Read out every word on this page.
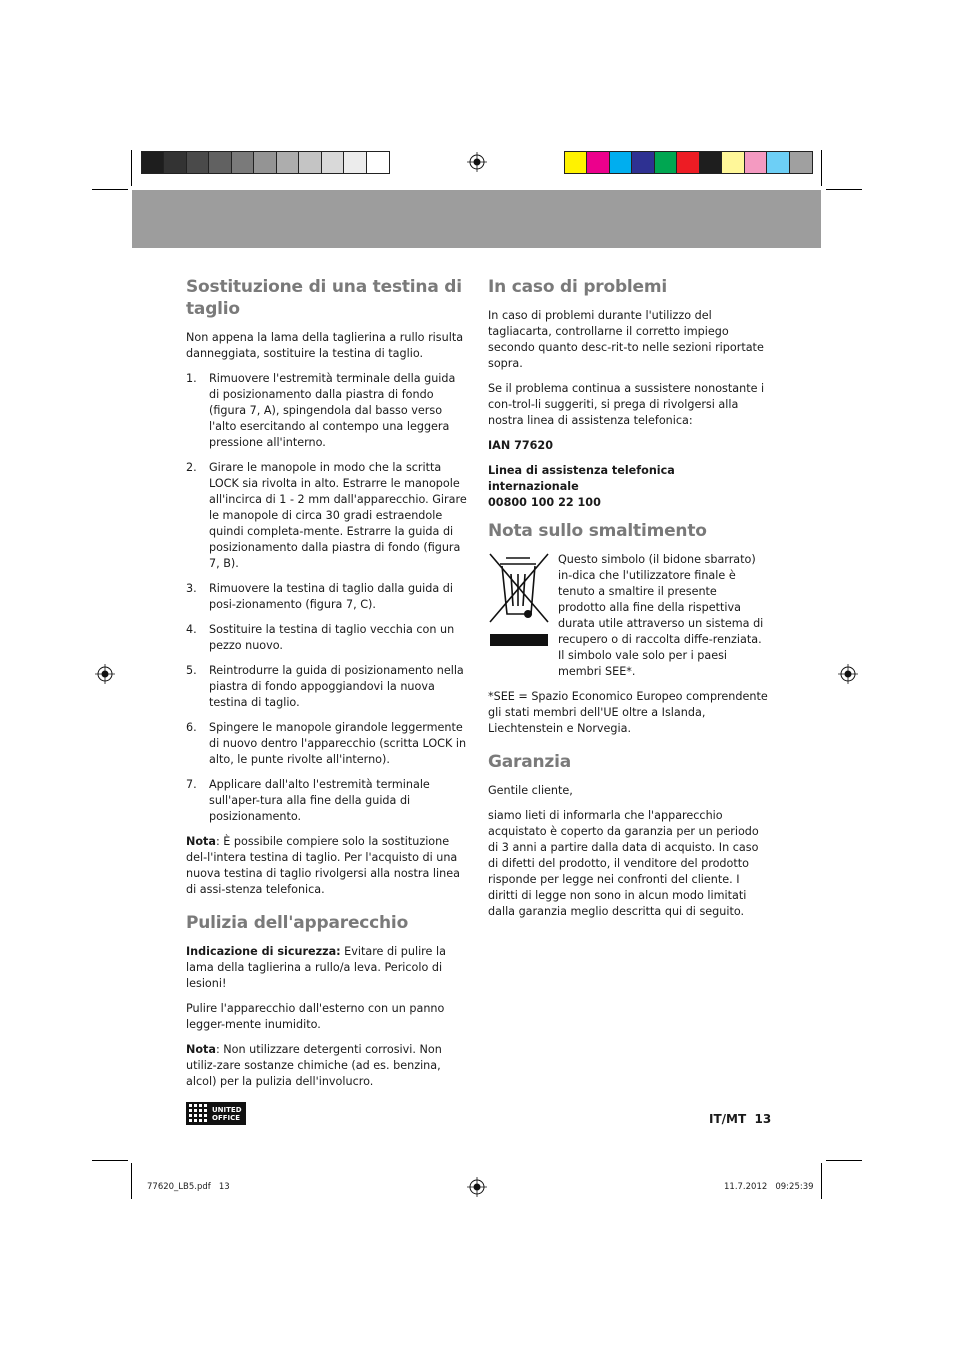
Sostituzione di una testina di taglio

Non appena la lama della taglierina a rullo risulta danneggiata, sostituire la testina di taglio.

1. Rimuovere l'estremità terminale della guida di posizionamento dalla piastra di fondo (figura 7, A), spingendola dal basso verso l'alto esercitando al contempo una leggera pressione all'interno.
2. Girare le manopole in modo che la scritta LOCK sia rivolta in alto. Estrarre le manopole all'incirca di 1 - 2 mm dall'apparecchio. Girare le manopole di circa 30 gradi estraendole quindi completa-mente. Estrarre la guida di posizionamento dalla piastra di fondo (figura 7, B).
3. Rimuovere la testina di taglio dalla guida di posi-zionamento (figura 7, C).
4. Sostituire la testina di taglio vecchia con un pezzo nuovo.
5. Reintrodurre la guida di posizionamento nella piastra di fondo appoggiandovi la nuova testina di taglio.
6. Spingere le manopole girandole leggermente di nuovo dentro l'apparecchio (scritta LOCK in alto, le punte rivolte all'interno).
7. Applicare dall'alto l'estremità terminale sull'aper-tura alla fine della guida di posizionamento.

Nota: È possibile compiere solo la sostituzione del-l'intera testina di taglio. Per l'acquisto di una nuova testina di taglio rivolgersi alla nostra linea di assi-stenza telefonica.

Pulizia dell'apparecchio

Indicazione di sicurezza: Evitare di pulire la lama della taglierina a rullo/a leva. Pericolo di lesioni!

Pulire l'apparecchio dall'esterno con un panno legger-mente inumidito.

Nota: Non utilizzare detergenti corrosivi. Non utiliz-zare sostanze chimiche (ad es. benzina, alcol) per la pulizia dell'involucro.

In caso di problemi

In caso di problemi durante l'utilizzo del tagliacarta, controllarne il corretto impiego secondo quanto desc-rit-to nelle sezioni riportate sopra.

Se il problema continua a sussistere nonostante i con-trol-li suggeriti, si prega di rivolgersi alla nostra linea di assistenza telefonica:

IAN 77620

Linea di assistenza telefonica
internazionale
00800 100 22 100

Nota sullo smaltimento

Questo simbolo (il bidone sbarrato) in-dica che l'utilizzatore finale è tenuto a smaltire il presente prodotto alla fine della rispettiva durata utile attraverso un sistema di recupero o di raccolta diffe-renziata. Il simbolo vale solo per i paesi membri SEE*.

*SEE = Spazio Economico Europeo comprendente gli stati membri dell'UE oltre a Islanda, Liechtenstein e Norvegia.

Garanzia

Gentile cliente,

siamo lieti di informarla che l'apparecchio acquistato è coperto da garanzia per un periodo di 3 anni a partire dalla data di acquisto. In caso di difetti del prodotto, il venditore del prodotto risponde per legge nei confronti del cliente. I diritti di legge non sono in alcun modo limitati dalla garanzia meglio descritta qui di seguito.

UNITED
OFFICE	IT/MT 13
77620_LB5.pdf   13	11.7.2012   09:25:39
